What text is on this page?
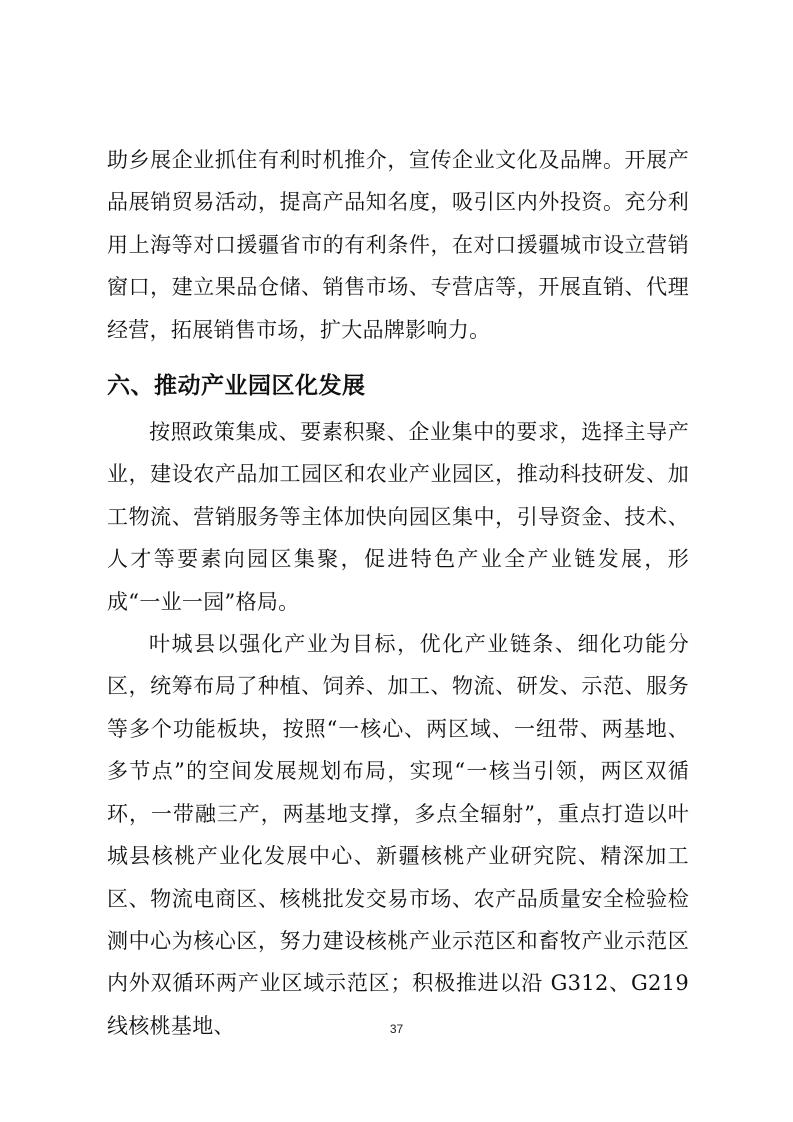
助乡展企业抓住有利时机推介，宣传企业文化及品牌。开展产品展销贸易活动，提高产品知名度，吸引区内外投资。充分利用上海等对口援疆省市的有利条件，在对口援疆城市设立营销窗口，建立果品仓储、销售市场、专营店等，开展直销、代理经营，拓展销售市场，扩大品牌影响力。

六、推动产业园区化发展

按照政策集成、要素积聚、企业集中的要求，选择主导产业，建设农产品加工园区和农业产业园区，推动科技研发、加工物流、营销服务等主体加快向园区集中，引导资金、技术、人才等要素向园区集聚，促进特色产业全产业链发展，形成“一业一园”格局。

叶城县以强化产业为目标，优化产业链条、细化功能分区，统筹布局了种植、饲养、加工、物流、研发、示范、服务等多个功能板块，按照“一核心、两区域、一纽带、两基地、多节点”的空间发展规划布局，实现“一核当引领，两区双循环，一带融三产，两基地支撑，多点全辐射”，重点打造以叶城县核桃产业化发展中心、新疆核桃产业研究院、精深加工区、物流电商区、核桃批发交易市场、农产品质量安全检验检测中心为核心区，努力建设核桃产业示范区和畜牧产业示范区内外双循环两产业区域示范区；积极推进以沿 G312、G219 线核桃基地、	37
